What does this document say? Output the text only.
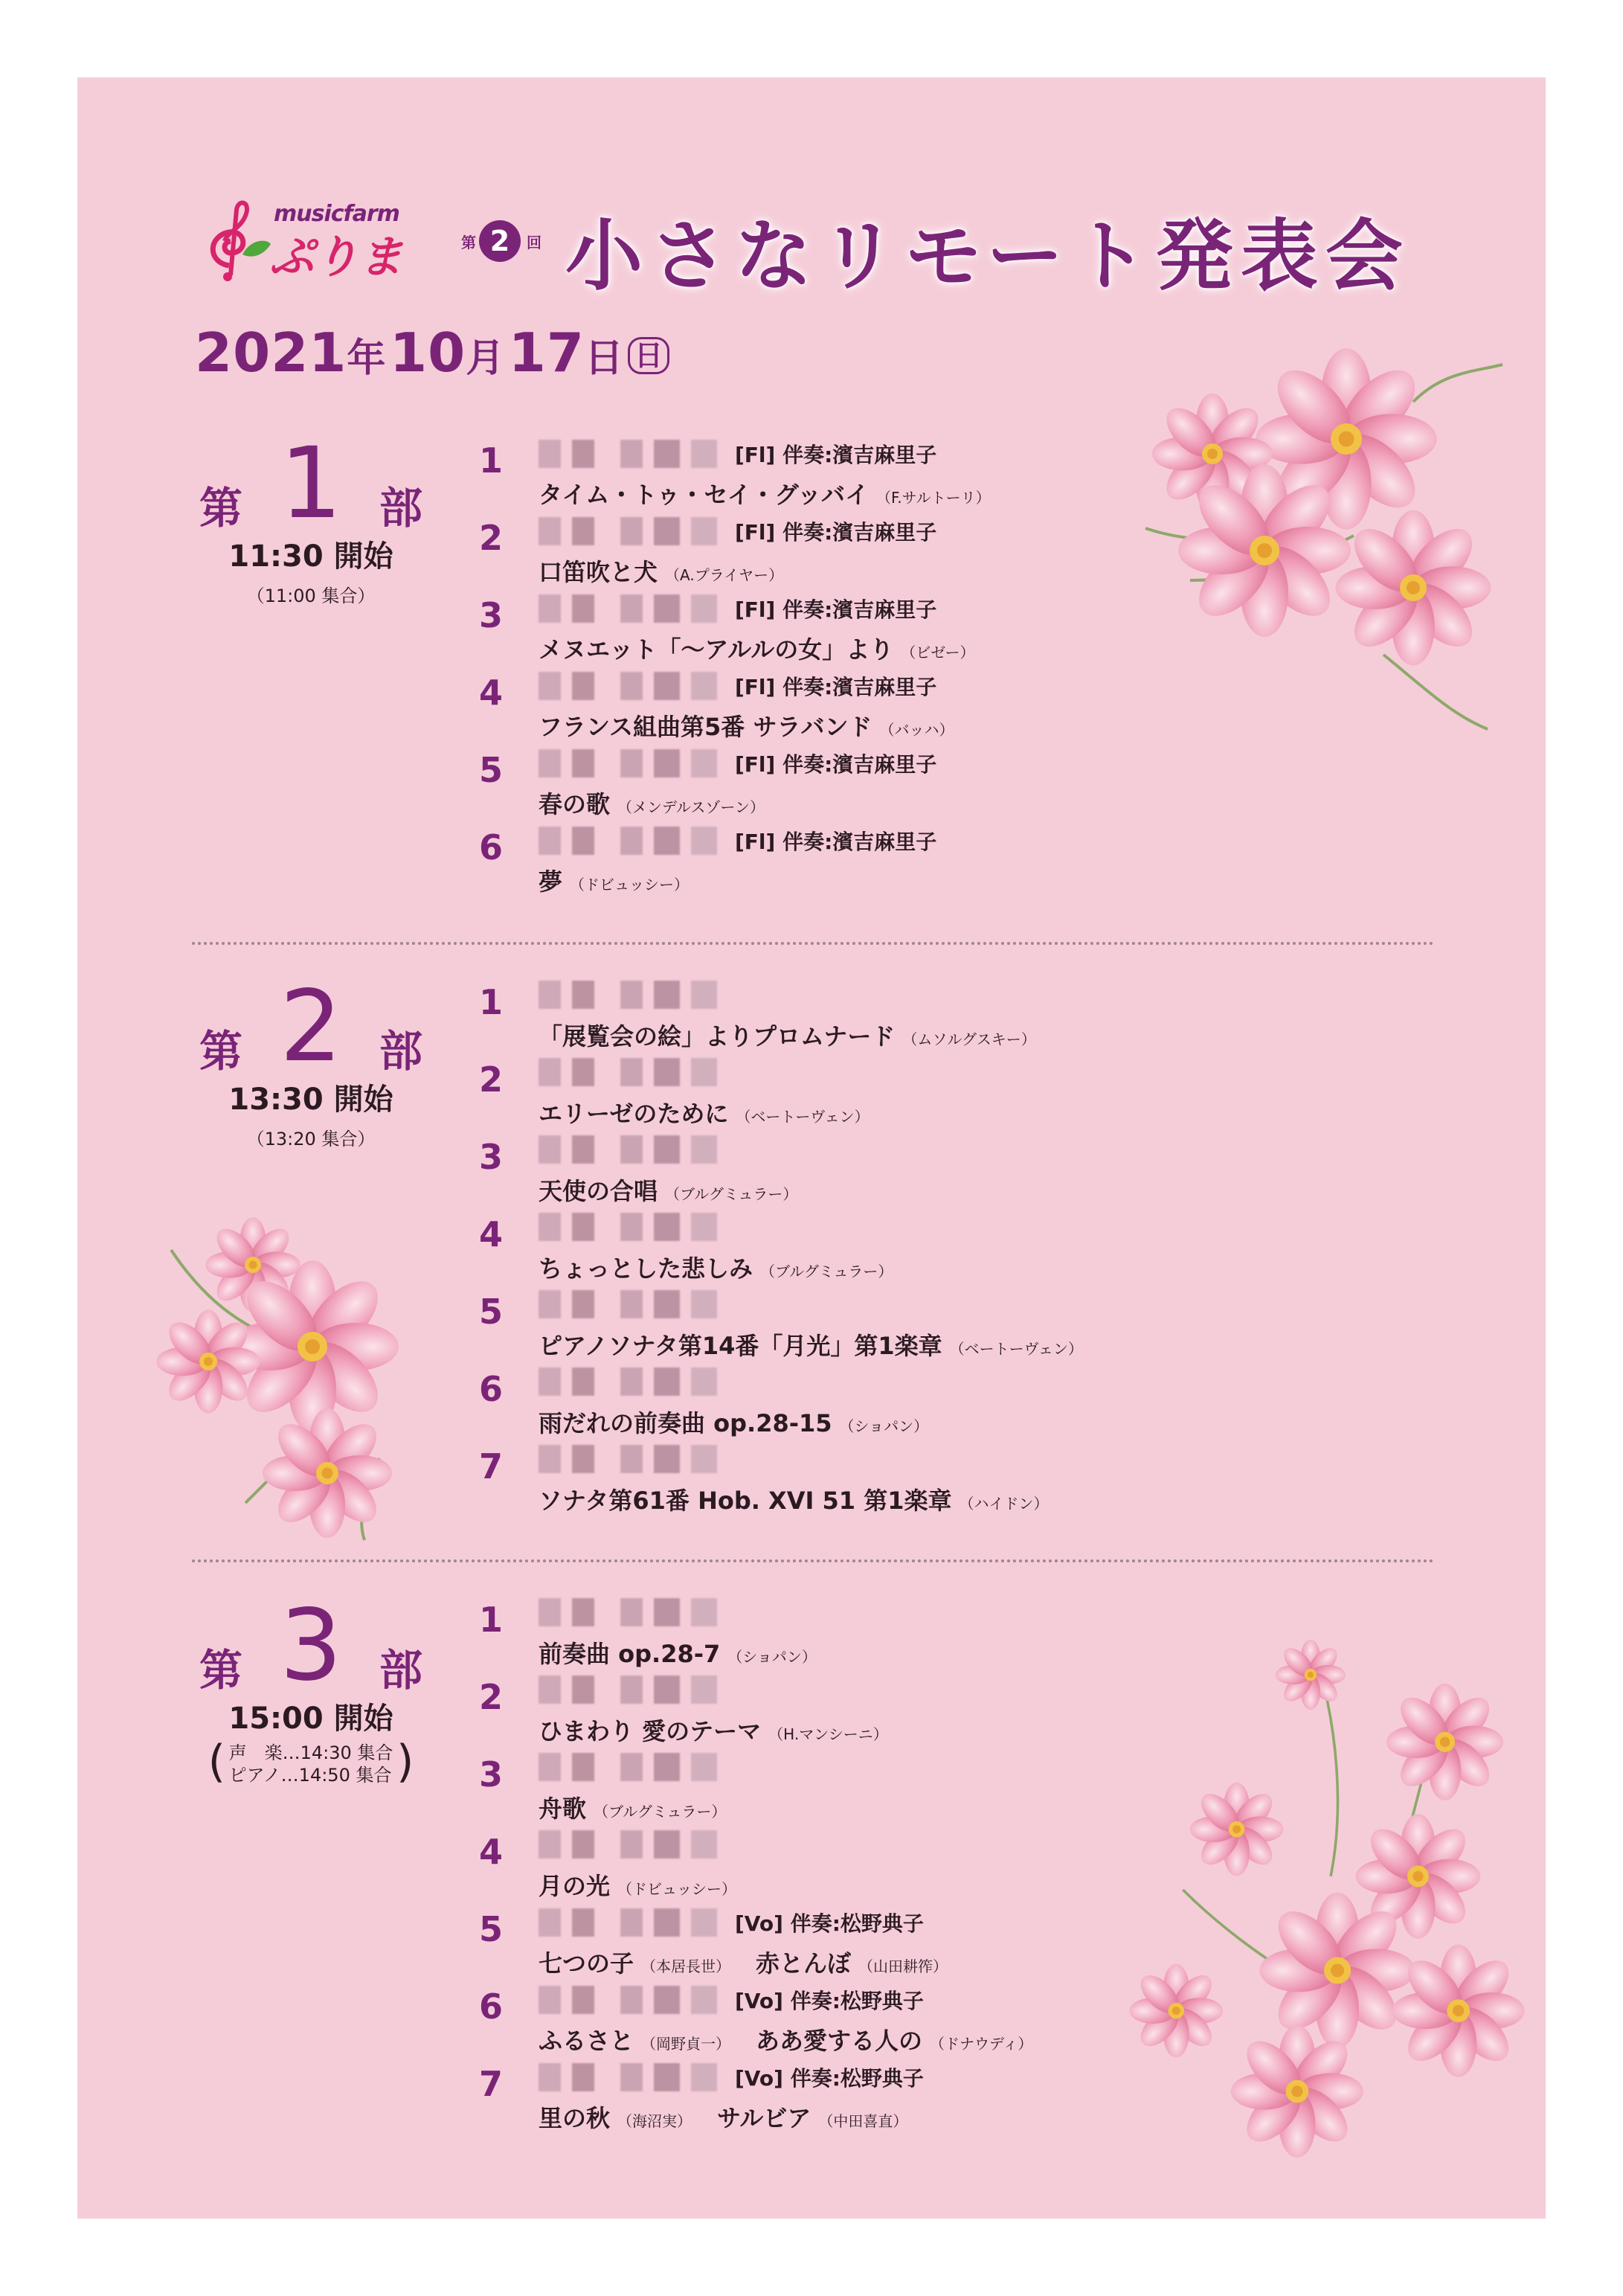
musicfarm
ぷりま	第 2	回 小さなリモート発表会
2021年 10月 17日 日
第 1 部
11:30 開始
（11:00 集合）
1	[Fl] 伴奏:濱吉麻里子
タイム・トゥ・セイ・グッバイ （F.サルトーリ）
2	[Fl] 伴奏:濱吉麻里子
口笛吹と犬 （A.プライヤー）
3	[Fl] 伴奏:濱吉麻里子
メヌエット「〜アルルの女」より （ビゼー）
4	[Fl] 伴奏:濱吉麻里子
フランス組曲第5番 サラバンド （バッハ）
5	[Fl] 伴奏:濱吉麻里子
春の歌 （メンデルスゾーン）
6	[Fl] 伴奏:濱吉麻里子
夢 （ドビュッシー）
第 2 部
13:30 開始
（13:20 集合）
1
「展覧会の絵」よりプロムナード （ムソルグスキー）
2
エリーゼのために （ベートーヴェン）
3
天使の合唱 （ブルグミュラー）
4
ちょっとした悲しみ （ブルグミュラー）
5
ピアノソナタ第14番「月光」第1楽章 （ベートーヴェン）
6
雨だれの前奏曲 op.28-15 （ショパン）
7
ソナタ第61番 Hob. XVI 51 第1楽章 （ハイドン）
第 3 部
15:00 開始
( 声　楽…14:30 集合
ピアノ…14:50 集合
)
1
前奏曲 op.28-7 （ショパン）
2
ひまわり 愛のテーマ （H.マンシーニ）
3
舟歌 （ブルグミュラー）
4
月の光 （ドビュッシー）
5	[Vo] 伴奏:松野典子
七つの子 （本居長世） 赤とんぼ （山田耕筰）
6	[Vo] 伴奏:松野典子
ふるさと （岡野貞一） ああ愛する人の （ドナウディ）
7	[Vo] 伴奏:松野典子
里の秋 （海沼実） サルビア （中田喜直）
